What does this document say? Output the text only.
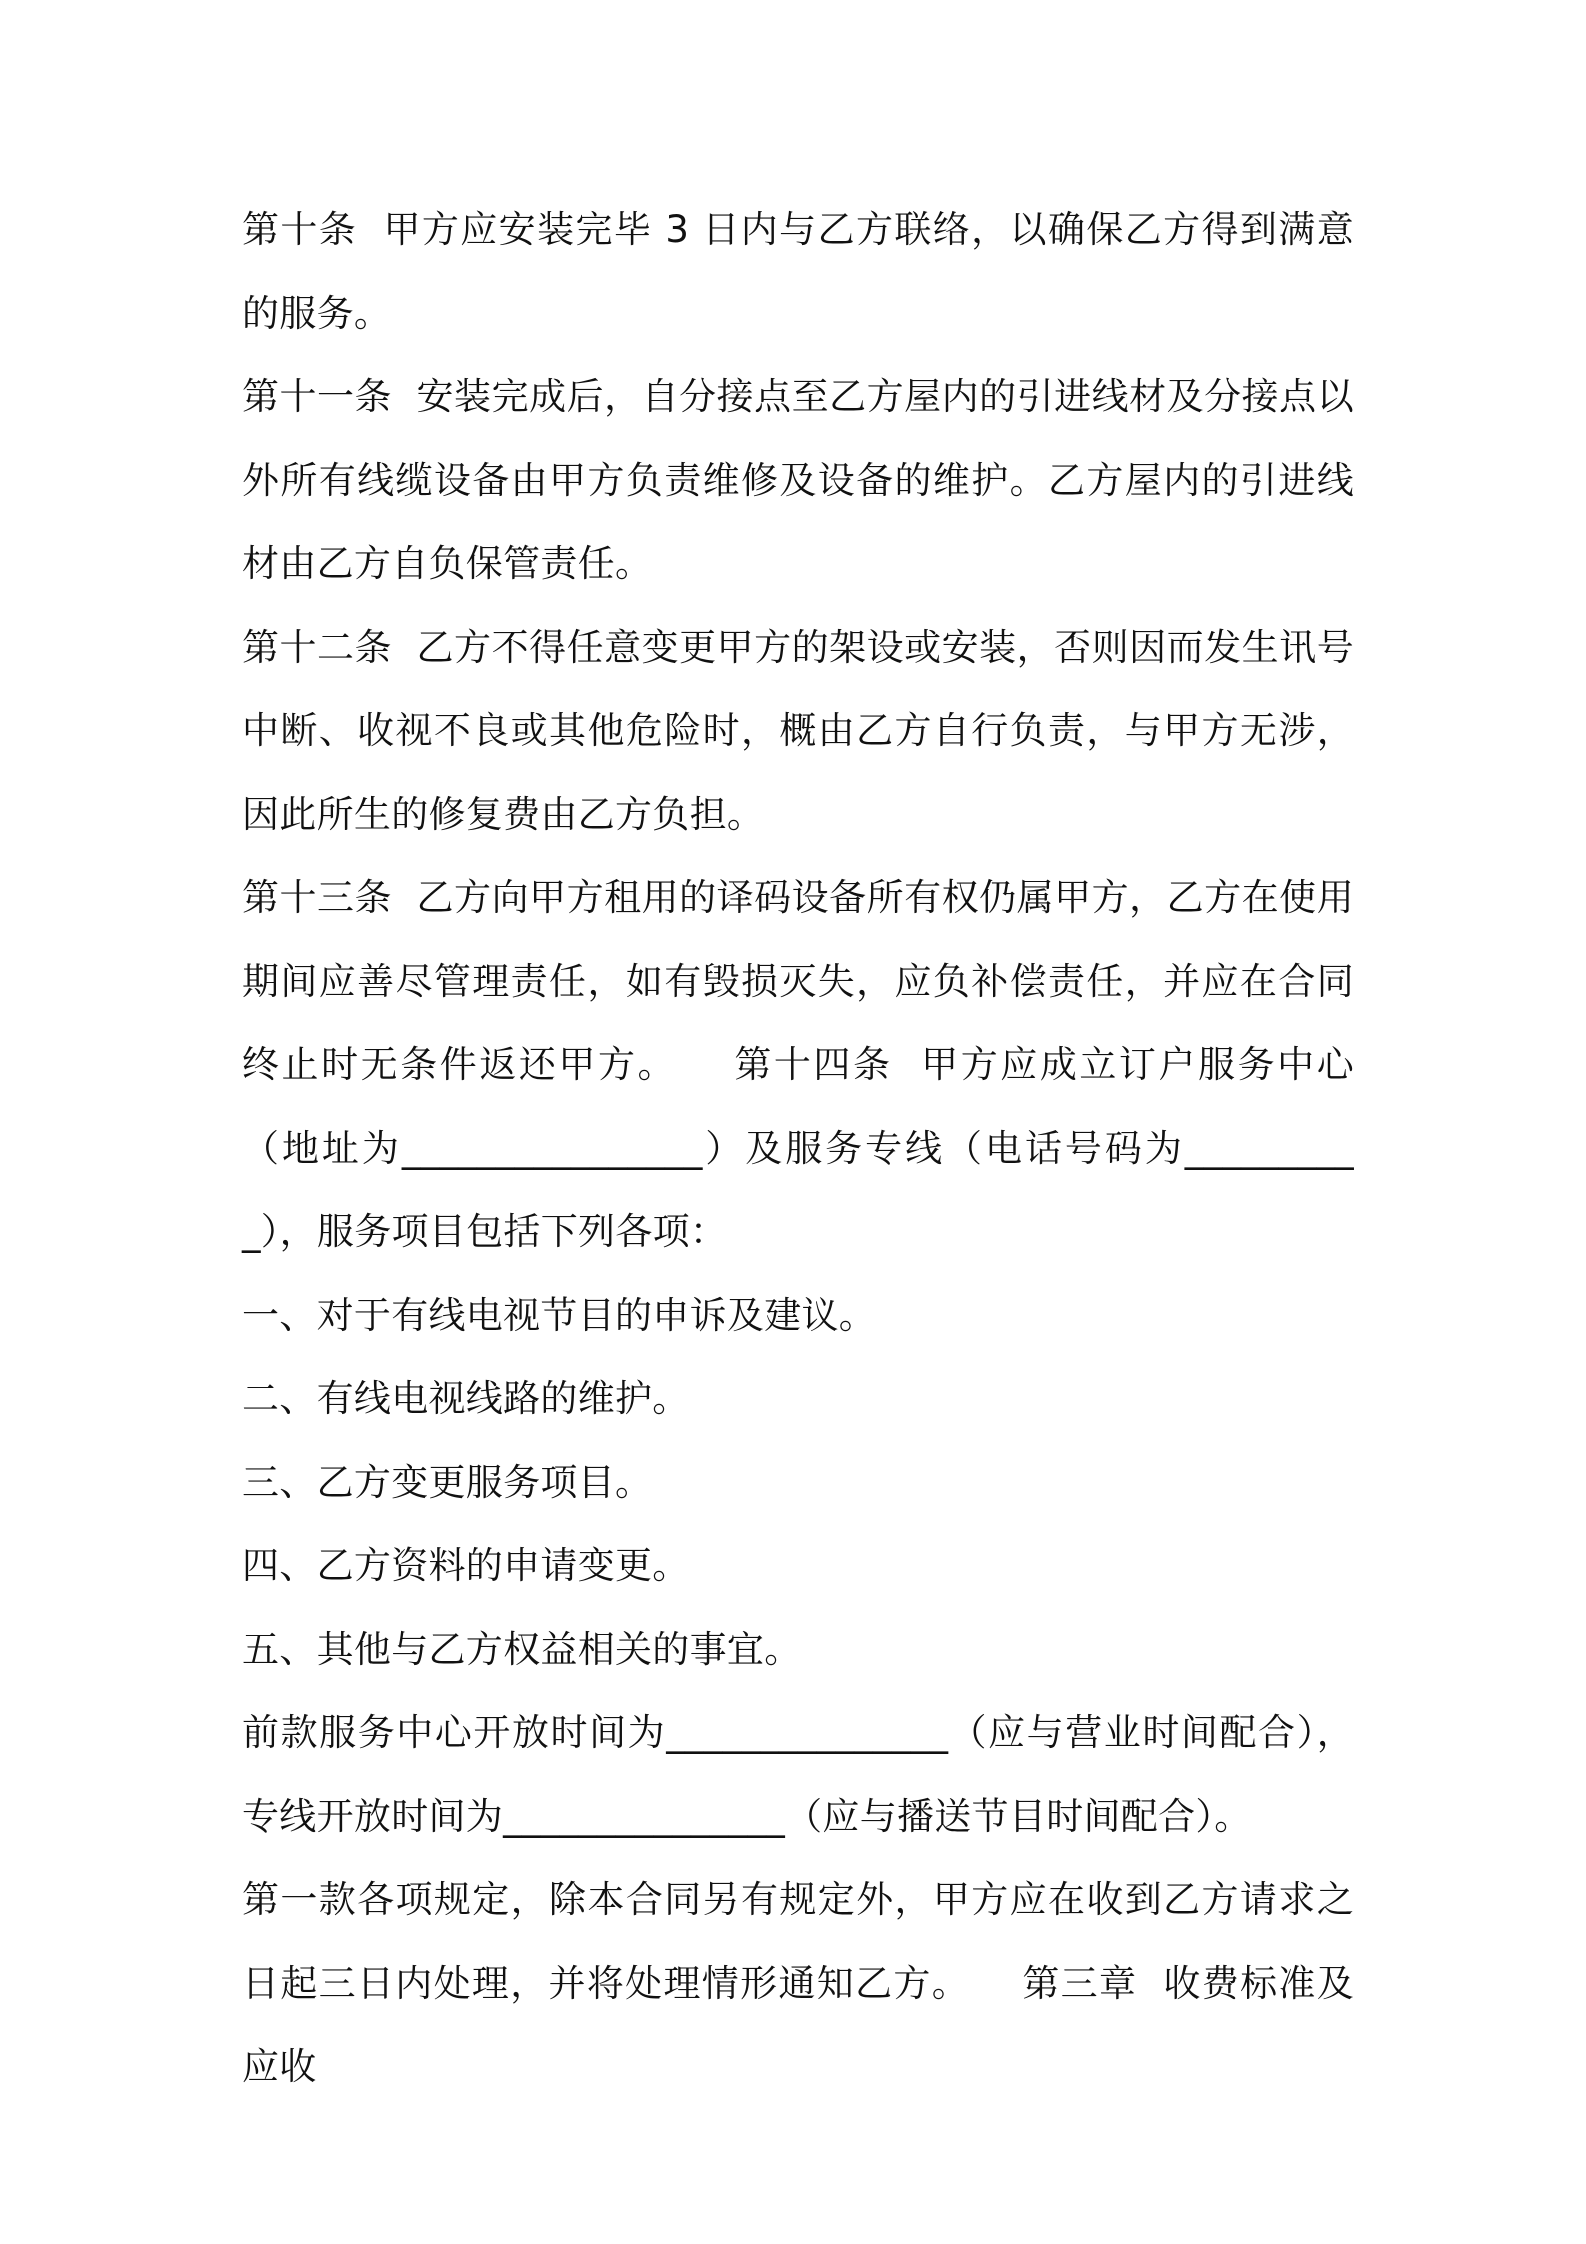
第十条  甲方应安装完毕 3 日内与乙方联络，以确保乙方得到满意的服务。

第十一条  安装完成后，自分接点至乙方屋内的引进线材及分接点以外所有线缆设备由甲方负责维修及设备的维护。乙方屋内的引进线材由乙方自负保管责任。

第十二条  乙方不得任意变更甲方的架设或安装，否则因而发生讯号中断、收视不良或其他危险时，概由乙方自行负责，与甲方无涉，因此所生的修复费由乙方负担。

第十三条  乙方向甲方租用的译码设备所有权仍属甲方，乙方在使用期间应善尽管理责任，如有毁损灭失，应负补偿责任，并应在合同终止时无条件返还甲方。    第十四条  甲方应成立订户服务中心（地址为________________）及服务专线（电话号码为__________），服务项目包括下列各项：

一、对于有线电视节目的申诉及建议。

二、有线电视线路的维护。

三、乙方变更服务项目。

四、乙方资料的申请变更。

五、其他与乙方权益相关的事宜。

前款服务中心开放时间为_______________（应与营业时间配合），专线开放时间为_______________（应与播送节目时间配合）。

第一款各项规定，除本合同另有规定外，甲方应在收到乙方请求之日起三日内处理，并将处理情形通知乙方。    第三章  收费标准及应收
